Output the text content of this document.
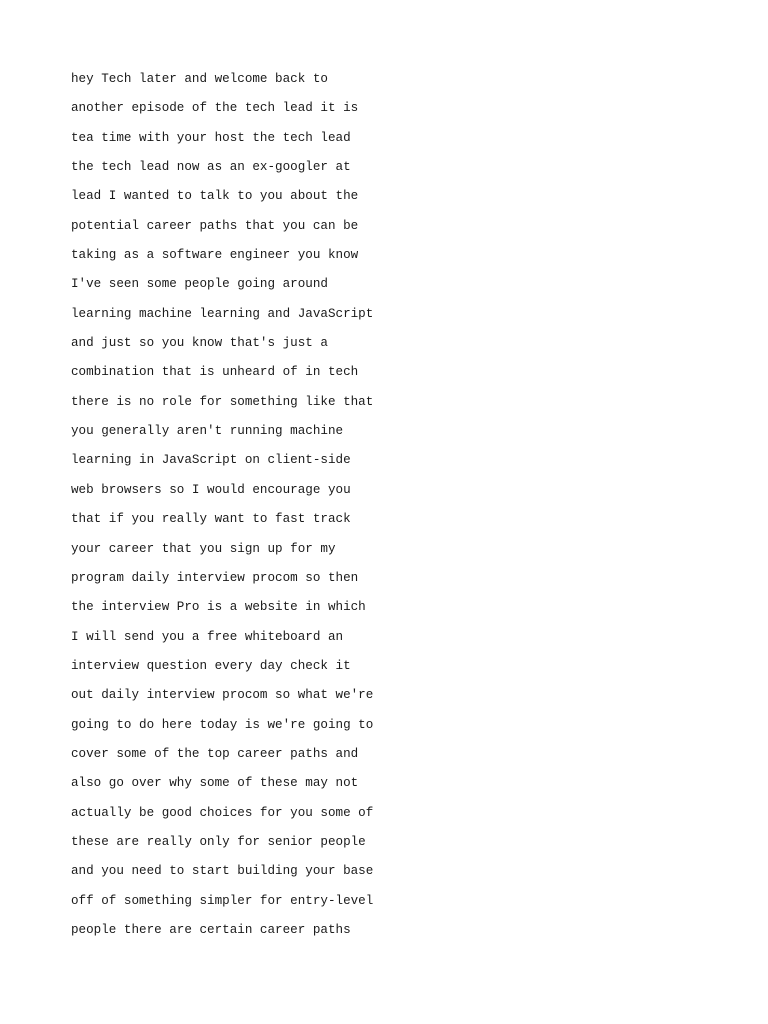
hey Tech later and welcome back to
another episode of the tech lead it is
tea time with your host the tech lead
the tech lead now as an ex-googler at
lead I wanted to talk to you about the
potential career paths that you can be
taking as a software engineer you know
I've seen some people going around
learning machine learning and JavaScript
and just so you know that's just a
combination that is unheard of in tech
there is no role for something like that
you generally aren't running machine
learning in JavaScript on client-side
web browsers so I would encourage you
that if you really want to fast track
your career that you sign up for my
program daily interview procom so then
the interview Pro is a website in which
I will send you a free whiteboard an
interview question every day check it
out daily interview procom so what we're
going to do here today is we're going to
cover some of the top career paths and
also go over why some of these may not
actually be good choices for you some of
these are really only for senior people
and you need to start building your base
off of something simpler for entry-level
people there are certain career paths
